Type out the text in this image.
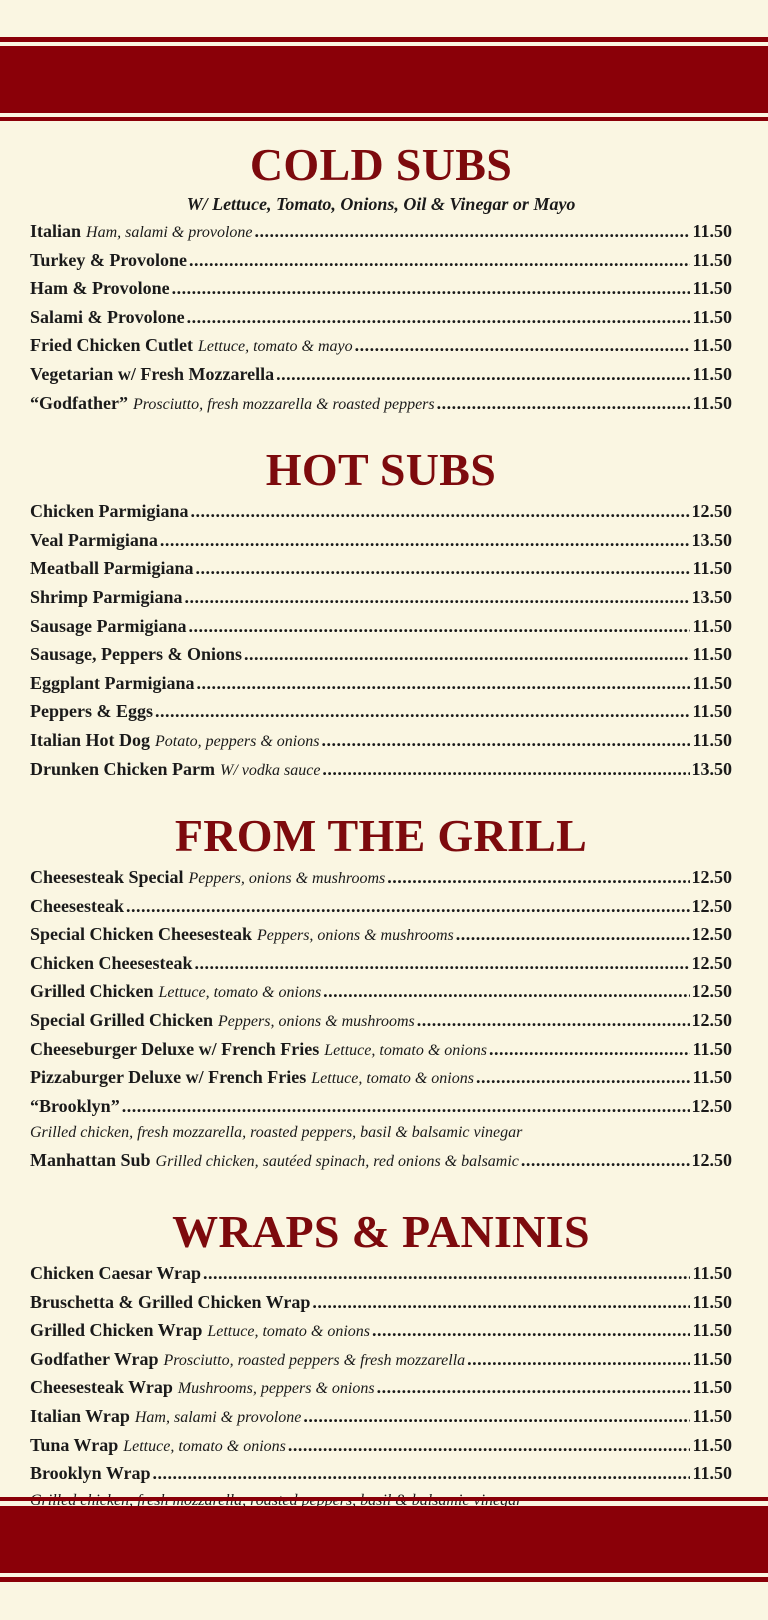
COLD SUBS

W/ Lettuce, Tomato, Onions, Oil & Vinegar or Mayo

Italian Ham, salami & provolone .....	11.50
Turkey & Provolone .....	11.50
Ham & Provolone .....	11.50
Salami & Provolone .....	11.50
Fried Chicken Cutlet Lettuce, tomato & mayo .....	11.50
Vegetarian w/ Fresh Mozzarella .....	11.50
“Godfather” Prosciutto, fresh mozzarella & roasted peppers .....	11.50
HOT SUBS
Chicken Parmigiana .....	12.50
Veal Parmigiana .....	13.50
Meatball Parmigiana .....	11.50
Shrimp Parmigiana .....	13.50
Sausage Parmigiana .....	11.50
Sausage, Peppers & Onions .....	11.50
Eggplant Parmigiana .....	11.50
Peppers & Eggs .....	11.50
Italian Hot Dog Potato, peppers & onions .....	11.50
Drunken Chicken Parm W/ vodka sauce .....	13.50
FROM THE GRILL
Cheesesteak Special Peppers, onions & mushrooms .....	12.50
Cheesesteak .....	12.50
Special Chicken Cheesesteak Peppers, onions & mushrooms .....	12.50
Chicken Cheesesteak .....	12.50
Grilled Chicken Lettuce, tomato & onions .....	12.50
Special Grilled Chicken Peppers, onions & mushrooms .....	12.50
Cheeseburger Deluxe w/ French Fries Lettuce, tomato & onions .....	11.50
Pizzaburger Deluxe w/ French Fries Lettuce, tomato & onions .....	11.50
“Brooklyn” .....	12.50
Grilled chicken, fresh mozzarella, roasted peppers, basil & balsamic vinegar
Manhattan Sub Grilled chicken, sautéed spinach, red onions & balsamic .....	12.50
WRAPS & PANINIS
Chicken Caesar Wrap .....	11.50
Bruschetta & Grilled Chicken Wrap .....	11.50
Grilled Chicken Wrap Lettuce, tomato & onions .....	11.50
Godfather Wrap Prosciutto, roasted peppers & fresh mozzarella .....	11.50
Cheesesteak Wrap Mushrooms, peppers & onions .....	11.50
Italian Wrap Ham, salami & provolone .....	11.50
Tuna Wrap Lettuce, tomato & onions .....	11.50
Brooklyn Wrap .....	11.50
